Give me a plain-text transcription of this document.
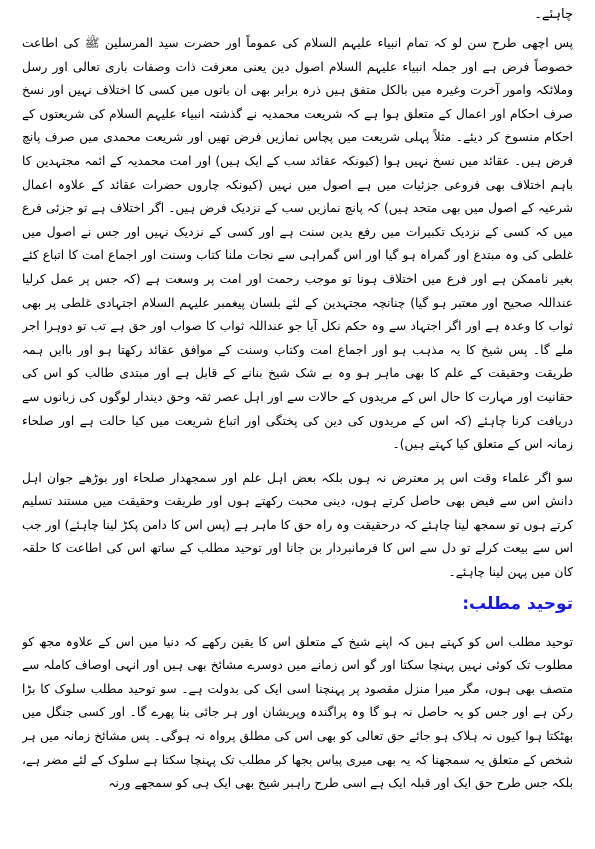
چاہئے۔

پس اچھی طرح سن لو کہ تمام انبیاء علیہم السلام کی عموماً اور حضرت سید المرسلین ﷺ کی اطاعت خصوصاً فرض ہے اور جملہ انبیاء علیہم السلام اصول دین یعنی معرفت ذات وصفات باری تعالی اور رسل وملائکہ وامور آخرت وغیرہ میں بالکل متفق ہیں ذرہ برابر بھی ان باتوں میں کسی کا اختلاف نہیں اور نسخ صرف احکام اور اعمال کے متعلق ہوا ہے کہ شریعت محمدیہ نے گذشتہ انبیاء علیہم السلام کی شریعتوں کے احکام منسوخ کر دیئے۔ مثلاً پہلی شریعت میں پچاس نمازیں فرض تھیں اور شریعت محمدی میں صرف پانچ فرض ہیں۔ عقائد میں نسخ نہیں ہوا (کیونکہ عقائد سب کے ایک ہیں) اور امت محمدیہ کے ائمہ مجتہدین کا باہم اختلاف بھی فروعی جزئیات میں ہے اصول میں نہیں (کیونکہ چاروں حضرات عقائد کے علاوہ اعمال شرعیہ کے اصول میں بھی متحد ہیں) کہ پانچ نمازیں سب کے نزدیک فرض ہیں۔ اگر اختلاف ہے تو جزئی فرع میں کہ کسی کے نزدیک تکبیرات میں رفع یدین سنت ہے اور کسی کے نزدیک نہیں اور جس نے اصول میں غلطی کی وہ مبتدع اور گمراہ ہو گیا اور اس گمراہی سے نجات ملنا کتاب وسنت اور اجماع امت کا اتباع کئے بغیر ناممکن ہے اور فرع میں اختلاف ہونا تو موجب رحمت اور امت پر وسعت ہے (کہ جس پر عمل کرلیا عنداللہ صحیح اور معتبر ہو گیا) چنانچہ مجتہدین کے لئے بلسان پیغمبر علیہم السلام اجتہادی غلطی پر بھی ثواب کا وعدہ ہے اور اگر اجتہاد سے وہ حکم نکل آیا جو عنداللہ ثواب کا صواب اور حق ہے تب تو دوہرا اجر ملے گا۔ پس شیخ کا یہ مذہب ہو اور اجماع امت وکتاب وسنت کے موافق عقائد رکھتا ہو اور باایں ہمہ طریقت وحقیقت کے علم کا بھی ماہر ہو وہ بے شک شیخ بنانے کے قابل ہے اور مبتدی طالب کو اس کی حقانیت اور مہارت کا حال اس کے مریدوں کے حالات سے اور اہل عصر ثقہ وحق دیندار لوگوں کی زبانوں سے دریافت کرنا چاہئے (کہ اس کے مریدوں کی دین کی پختگی اور اتباع شریعت میں کیا حالت ہے اور صلحاء زمانہ اس کے متعلق کیا کہتے ہیں)۔

سو اگر علماء وقت اس پر معترض نہ ہوں بلکہ بعض اہل علم اور سمجھدار صلحاء اور بوڑھے جوان اہل دانش اس سے فیض بھی حاصل کرتے ہوں، دینی محبت رکھتے ہوں اور طریقت وحقیقت میں مستند تسلیم کرتے ہوں تو سمجھ لینا چاہئے کہ درحقیقت وہ راہ حق کا ماہر ہے (پس اس کا دامن پکڑ لینا چاہئے) اور جب اس سے بیعت کرلے تو دل سے اس کا فرمانبردار بن جانا اور توحید مطلب کے ساتھ اس کی اطاعت کا حلقہ کان میں پہن لینا چاہئے۔

توحید مطلب:

توحید مطلب اس کو کہتے ہیں کہ اپنے شیخ کے متعلق اس کا یقین رکھے کہ دنیا میں اس کے علاوہ مجھ کو مطلوب تک کوئی نہیں پہنچا سکتا اور گو اس زمانے میں دوسرے مشائخ بھی ہیں اور انہی اوصاف کاملہ سے متصف بھی ہوں، مگر میرا منزل مقصود پر پہنچنا اسی ایک کی بدولت ہے۔ سو توحید مطلب سلوک کا بڑا رکن ہے اور جس کو یہ حاصل نہ ہو گا وہ پراگندہ وپریشان اور ہر جائی بنا پھرے گا۔ اور کسی جنگل میں بھٹکتا ہوا کیوں نہ ہلاک ہو جائے حق تعالی کو بھی اس کی مطلق پرواہ نہ ہوگی۔ پس مشائخ زمانہ میں ہر شخص کے متعلق یہ سمجھنا کہ یہ بھی میری پیاس بجھا کر مطلب تک پہنچا سکتا ہے سلوک کے لئے مضر ہے، بلکہ جس طرح حق ایک اور قبلہ ایک ہے اسی طرح راہبر شیخ بھی ایک ہی کو سمجھے ورنہ
